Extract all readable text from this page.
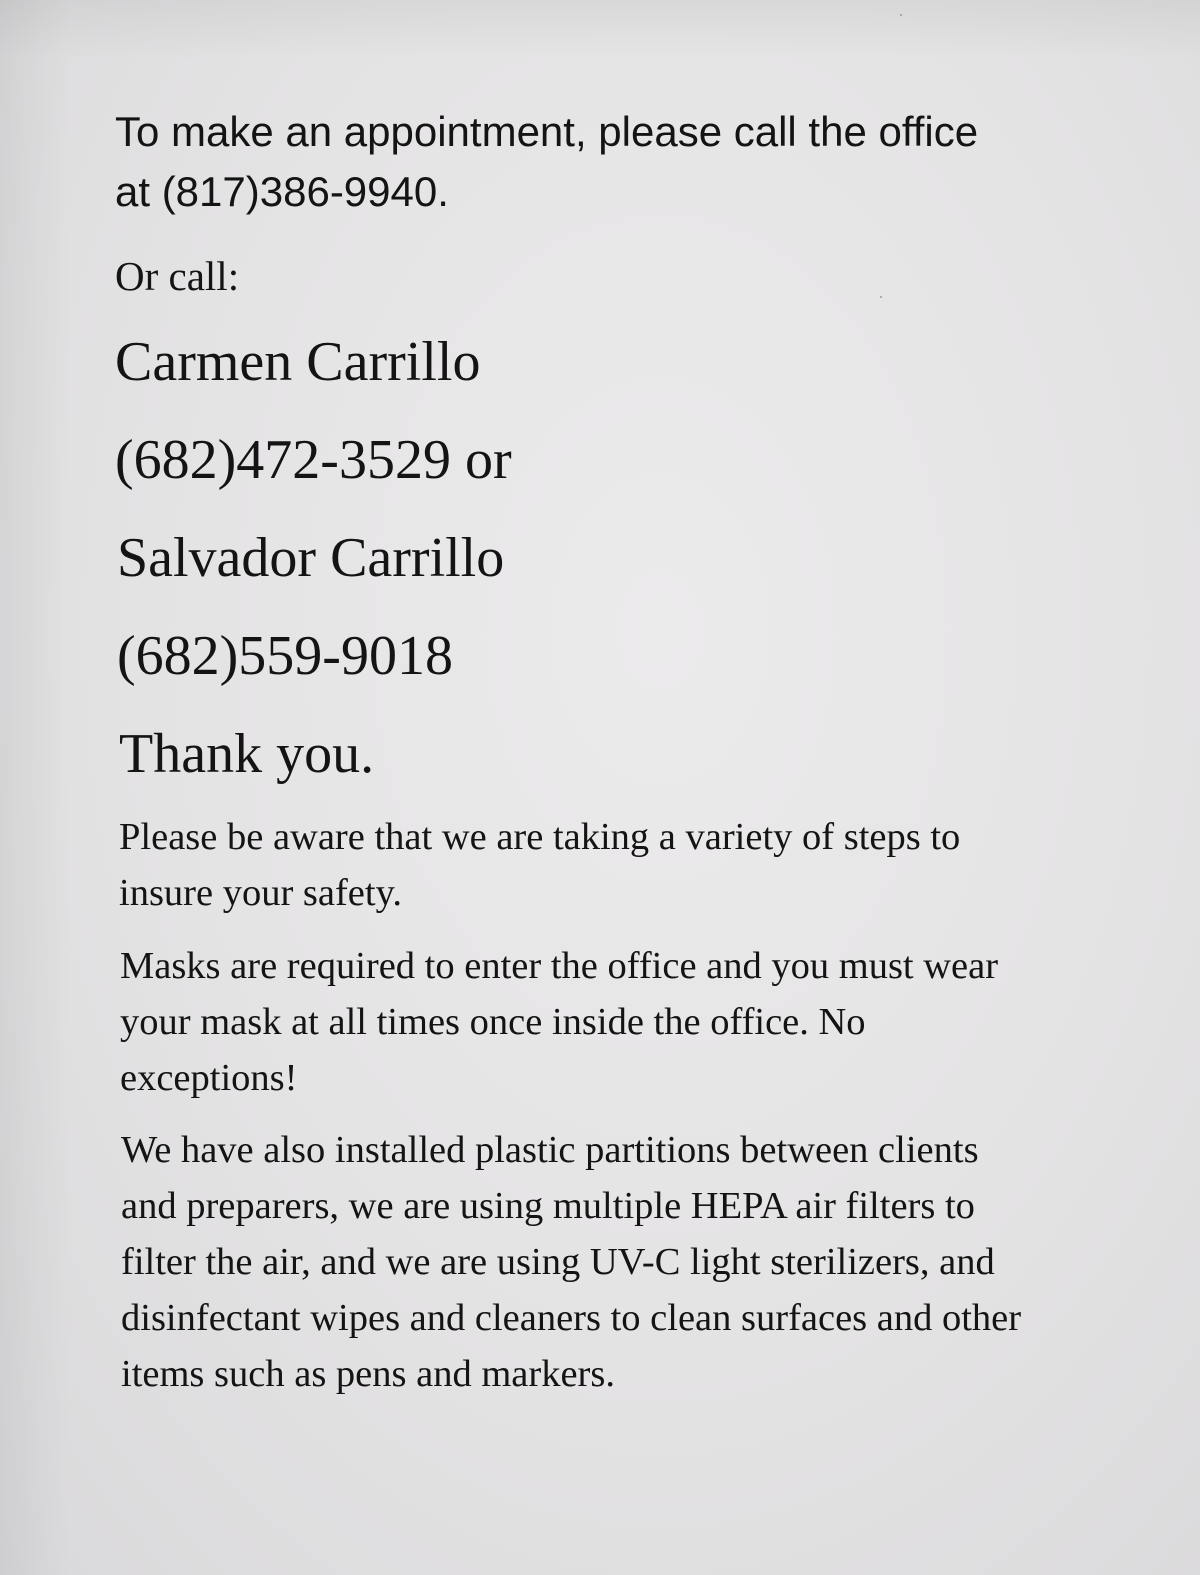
To make an appointment, please call the office

at (817)386-9940.

Or call:

Carmen Carrillo

(682)472-3529 or

Salvador Carrillo

(682)559-9018

Thank you.

Please be aware that we are taking a variety of steps to

insure your safety.

Masks are required to enter the office and you must wear

your mask at all times once inside the office. No

exceptions!

We have also installed plastic partitions between clients

and preparers, we are using multiple HEPA air filters to

filter the air, and we are using UV-C light sterilizers, and

disinfectant wipes and cleaners to clean surfaces and other

items such as pens and markers.
